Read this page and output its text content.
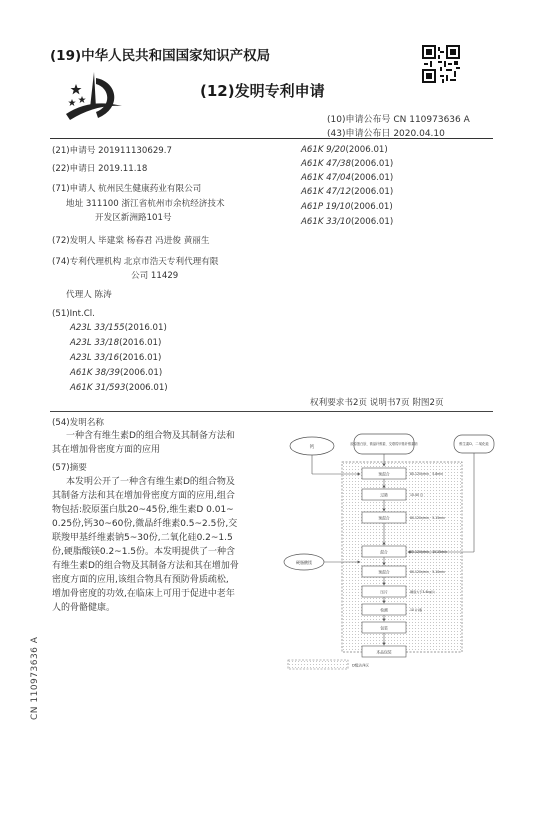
(19)中华人民共和国国家知识产权局
(12)发明专利申请
(10)申请公布号 CN 110973636 A
(43)申请公布日 2020.04.10
(21)申请号 201911130629.7
(22)申请日 2019.11.18
(71)申请人 杭州民生健康药业有限公司
地址 311100 浙江省杭州市余杭经济技术
开发区新洲路101号
(72)发明人 毕建棠 杨春君 冯进俊 黄丽生
(74)专利代理机构 北京市浩天专利代理有限
公司 11429
代理人 陈涛
(51)Int.Cl.
A23L 33/155(2016.01)
A23L 33/18(2016.01)
A23L 33/16(2016.01)
A61K 38/39(2006.01)
A61K 31/593(2006.01)
A61K 9/20(2006.01)
A61K 47/38(2006.01)
A61K 47/04(2006.01)
A61K 47/12(2006.01)
A61P 19/10(2006.01)
A61K 33/10(2006.01)
权利要求书2页 说明书7页 附图2页
(54)发明名称
一种含有维生素D的组合物及其制备方法和
其在增加骨密度方面的应用
(57)摘要
本发明公开了一种含有维生素D的组合物及
其制备方法和其在增加骨密度方面的应用,组合
物包括:胶原蛋白肽20~45份,维生素D 0.01~
0.25份,钙30~60份,微晶纤维素0.5~2.5份,交
联羧甲基纤维素钠5~30份,二氧化硅0.2~1.5
份,硬脂酸镁0.2~1.5份。本发明提供了一种含
有维生素D的组合物及其制备方法和其在增加骨
密度方面的应用,该组合物具有预防骨质疏松,
增加骨密度的功效,在临床上可用于促进中老年
人的骨骼健康。
CN 110973636 A
钙
胶原蛋白肽、微晶纤维素、交联羧甲基纤维素钠	维生素D、二氧化硅
硬脂酸镁
预混合
过筛
预混合
混合
预混合
压片
检测
包装
80-120r/min、5-8min
10-40 目
80-120r/min、5-15min
80-120r/min、15-25min
80-120r/min、5-10min
硬度大于3.4kg/片
10 片/瓶
本品包装
D级洁净区
